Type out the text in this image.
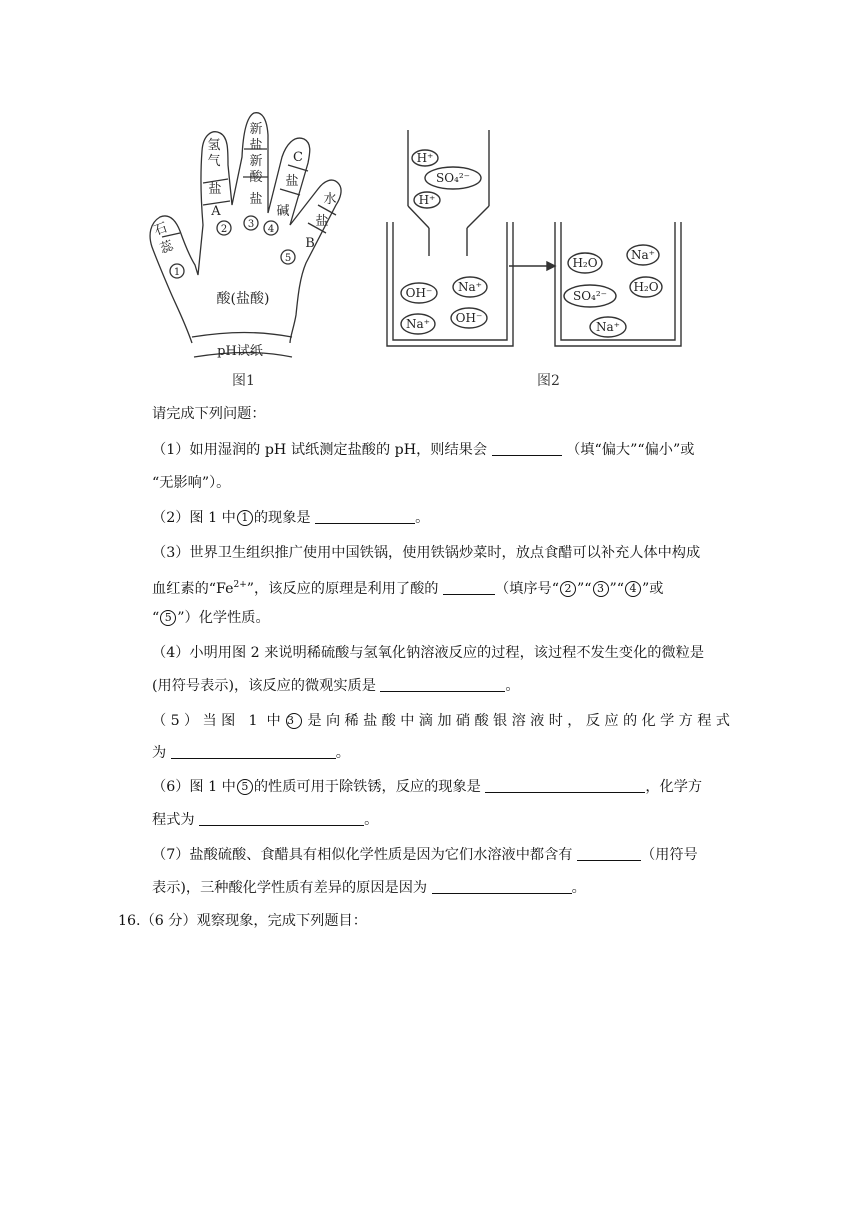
1
2 3 4
5
石
蕊
氢
气
盐
A
新
盐
新
酸
盐
C
盐
碱
水
盐
B
酸(盐酸)
pH试纸
图1
H⁺
SO₄²⁻
H⁺
OH⁻ Na⁺
Na⁺ OH⁻
H₂O
Na⁺
SO₄²⁻
H₂O
Na⁺
图2
请完成下列问题：
（1）如用湿润的 pH 试纸测定盐酸的 pH，则结果会	（填“偏大”“偏小”或
“无影响”）。
（2）图 1 中 1 的现象是	。
（3）世界卫生组织推广使用中国铁锅，使用铁锅炒菜时，放点食醋可以补充人体中构成
血红素的“$Fe^{2+}$”，该反应的原理是利用了酸的	（填序号“ 2 ”“ 3 ”“ 4 ”或
“ 5 ”）化学性质。
（4）小明用图 2 来说明稀硫酸与氢氧化钠溶液反应的过程，该过程不发生变化的微粒是
(用符号表示)，该反应的微观实质是	。
（5）当图 1 中 3 是向稀盐酸中滴加硝酸银溶液时，反应的化学方程式
为	。
（6）图 1 中 5 的性质可用于除铁锈，反应的现象是	，化学方
程式为	。
（7）盐酸硫酸、食醋具有相似化学性质是因为它们水溶液中都含有	（用符号
表示)，三种酸化学性质有差异的原因是因为	。
16.（6 分）观察现象，完成下列题目：
